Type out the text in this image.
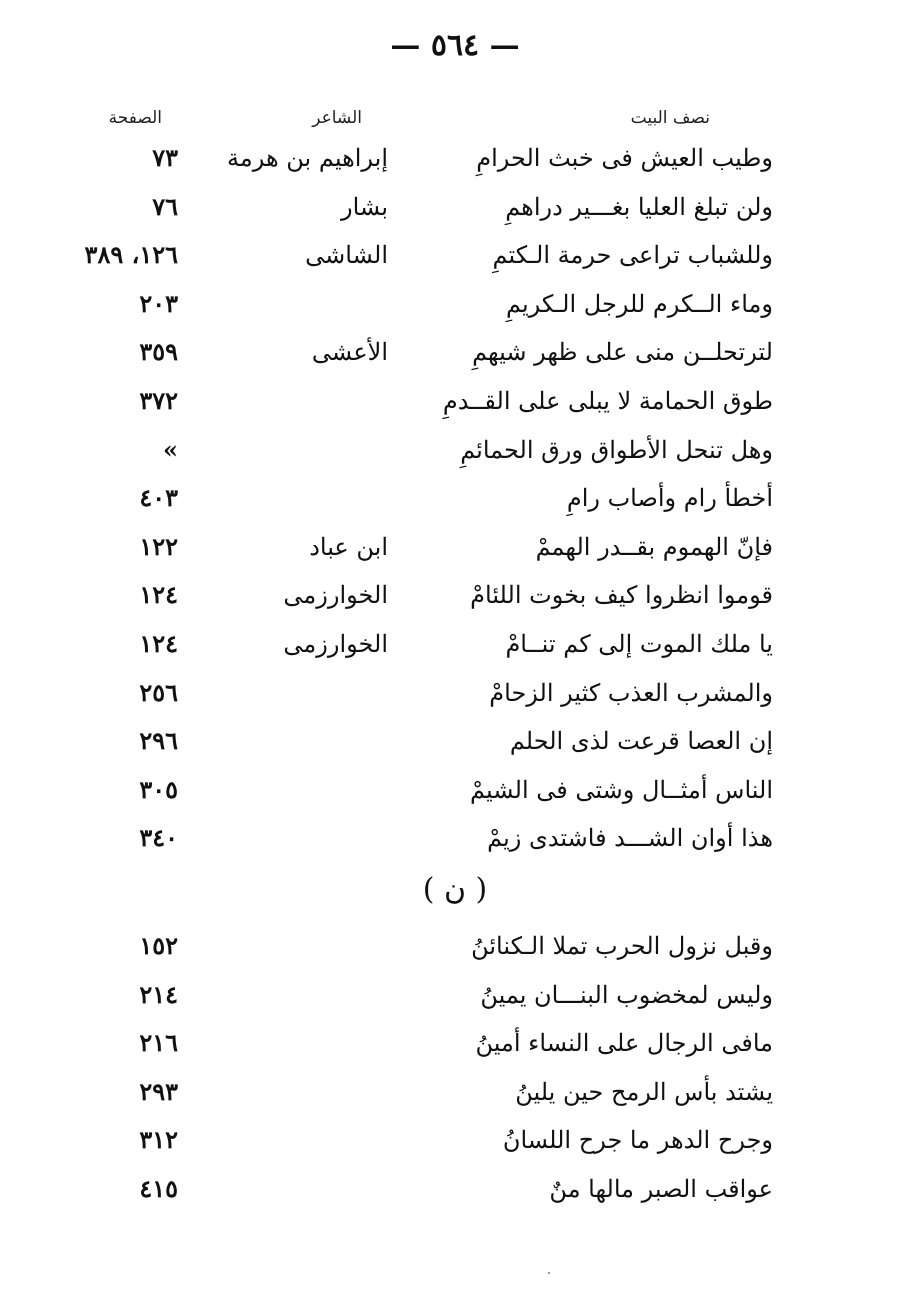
— ٥٦٤ —
نصف البيت
الشاعر
الصفحة
وطيب العيش فى خبث الحرامِ
إبراهيم بن هرمة
٧٣
ولن تبلغ العليا بغـــير دراهمِ
بشار
٧٦
وللشباب تراعى حرمة الـكتمِ
الشاشى
١٢٦، ٣٨٩
وماء الــكرم للرجل الـكريمِ
٢٠٣
لترتحلــن منى على ظهر شيهمِ
الأعشى
٣٥٩
طوق الحمامة لا يبلى على القــدمِ
٣٧٢
وهل تنحل الأطواق ورق الحمائمِ
»
أخطأ رام وأصاب رامِ
٤٠٣
فإنّ الهموم بقــدر الهممْ
ابن عباد
١٢٢
قوموا انظروا كيف بخوت اللئامْ
الخوارزمى
١٢٤
يا ملك الموت إلى كم تنــامْ
الخوارزمى
١٢٤
والمشرب العذب كثير الزحامْ
٢٥٦
إن العصا قرعت لذى الحلم
٢٩٦
الناس أمثــال وشتى فى الشيمْ
٣٠٥
هذا أوان الشـــد فاشتدى زيمْ
٣٤٠
( ن )
وقبل نزول الحرب تملا الـكنائنُ
١٥٢
وليس لمخضوب البنـــان يمينُ
٢١٤
مافى الرجال على النساء أمينُ
٢١٦
يشتد بأس الرمح حين يلينُ
٢٩٣
وجرح الدهر ما جرح اللسانُ
٣١٢
عواقب الصبر مالها منٌ
٤١٥
